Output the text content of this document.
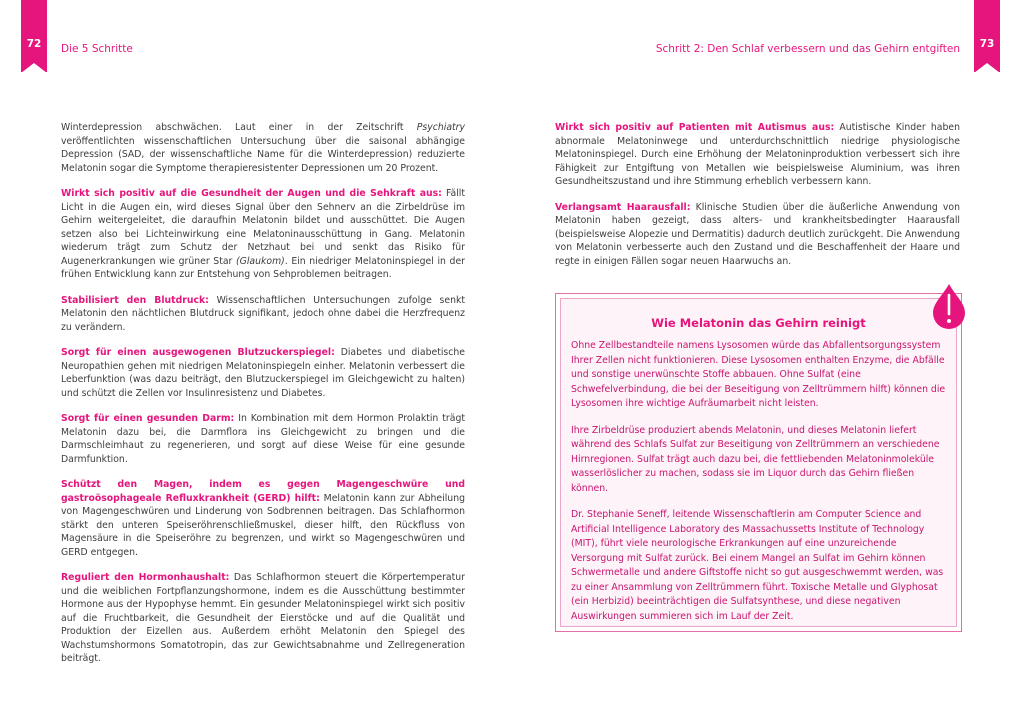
72	Die 5 Schritte	73
Schritt 2: Den Schlaf verbessern und das Gehirn entgiften

Winterdepression abschwächen. Laut einer in der Zeitschrift Psychiatry veröffentlichten wissenschaftlichen Untersuchung über die saisonal abhängige Depression (SAD, der wissenschaftliche Name für die Winterdepression) reduzierte Melatonin sogar die Symptome therapieresistenter Depressionen um 20 Prozent.

Wirkt sich positiv auf die Gesundheit der Augen und die Sehkraft aus: Fällt Licht in die Augen ein, wird dieses Signal über den Sehnerv an die Zirbeldrüse im Gehirn weitergeleitet, die daraufhin Melatonin bildet und ausschüttet. Die Augen setzen also bei Lichteinwirkung eine Melatoninausschüttung in Gang. Melatonin wiederum trägt zum Schutz der Netzhaut bei und senkt das Risiko für Augenerkrankungen wie grüner Star (Glaukom). Ein niedriger Melatoninspiegel in der frühen Entwicklung kann zur Entstehung von Sehproblemen beitragen.

Stabilisiert den Blutdruck: Wissenschaftlichen Untersuchungen zufolge senkt Melatonin den nächtlichen Blutdruck signifikant, jedoch ohne dabei die Herzfrequenz zu verändern.

Sorgt für einen ausgewogenen Blutzuckerspiegel: Diabetes und diabetische Neuropathien gehen mit niedrigen Melatoninspiegeln einher. Melatonin verbessert die Leberfunktion (was dazu beiträgt, den Blutzuckerspiegel im Gleichgewicht zu halten) und schützt die Zellen vor Insulinresistenz und Diabetes.

Sorgt für einen gesunden Darm: In Kombination mit dem Hormon Prolaktin trägt Melatonin dazu bei, die Darmflora ins Gleichgewicht zu bringen und die Darmschleimhaut zu regenerieren, und sorgt auf diese Weise für eine gesunde Darmfunktion.

Schützt den Magen, indem es gegen Magengeschwüre und gastroösophageale Refluxkrankheit (GERD) hilft: Melatonin kann zur Abheilung von Magengeschwüren und Linderung von Sodbrennen beitragen. Das Schlafhormon stärkt den unteren Speiseröhrenschließmuskel, dieser hilft, den Rückfluss von Magensäure in die Speiseröhre zu begrenzen, und wirkt so Magengeschwüren und GERD entgegen.

Reguliert den Hormonhaushalt: Das Schlafhormon steuert die Körpertemperatur und die weiblichen Fortpflanzungshormone, indem es die Ausschüttung bestimmter Hormone aus der Hypophyse hemmt. Ein gesunder Melatoninspiegel wirkt sich positiv auf die Fruchtbarkeit, die Gesundheit der Eierstöcke und auf die Qualität und Produktion der Eizellen aus. Außerdem erhöht Melatonin den Spiegel des Wachstumshormons Somatotropin, das zur Gewichtsabnahme und Zellregeneration beiträgt.

Wirkt sich positiv auf Patienten mit Autismus aus: Autistische Kinder haben abnormale Melatoninwege und unterdurchschnittlich niedrige physiologische Melatoninspiegel. Durch eine Erhöhung der Melatoninproduktion verbessert sich ihre Fähigkeit zur Entgiftung von Metallen wie beispielsweise Aluminium, was ihren Gesundheitszustand und ihre Stimmung erheblich verbessern kann.

Verlangsamt Haarausfall: Klinische Studien über die äußerliche Anwendung von Melatonin haben gezeigt, dass alters- und krankheitsbedingter Haarausfall (beispielsweise Alopezie und Dermatitis) dadurch deutlich zurückgeht. Die Anwendung von Melatonin verbesserte auch den Zustand und die Beschaffenheit der Haare und regte in einigen Fällen sogar neuen Haarwuchs an.

Wie Melatonin das Gehirn reinigt

Ohne Zellbestandteile namens Lysosomen würde das Abfallentsorgungssystem Ihrer Zellen nicht funktionieren. Diese Lysosomen enthalten Enzyme, die Abfälle und sonstige unerwünschte Stoffe abbauen. Ohne Sulfat (eine Schwefelverbindung, die bei der Beseitigung von Zelltrümmern hilft) können die Lysosomen ihre wichtige Aufräumarbeit nicht leisten.

Ihre Zirbeldrüse produziert abends Melatonin, und dieses Melatonin liefert während des Schlafs Sulfat zur Beseitigung von Zelltrümmern an verschiedene Hirnregionen. Sulfat trägt auch dazu bei, die fettliebenden Melatoninmoleküle wasserlöslicher zu machen, sodass sie im Liquor durch das Gehirn fließen können.

Dr. Stephanie Seneff, leitende Wissenschaftlerin am Computer Science and Artificial Intelligence Laboratory des Massachussetts Institute of Technology (MIT), führt viele neurologische Erkrankungen auf eine unzureichende Versorgung mit Sulfat zurück. Bei einem Mangel an Sulfat im Gehirn können Schwermetalle und andere Giftstoffe nicht so gut ausgeschwemmt werden, was zu einer Ansammlung von Zelltrümmern führt. Toxische Metalle und Glyphosat (ein Herbizid) beeinträchtigen die Sulfatsynthese, und diese negativen Auswirkungen summieren sich im Lauf der Zeit.
